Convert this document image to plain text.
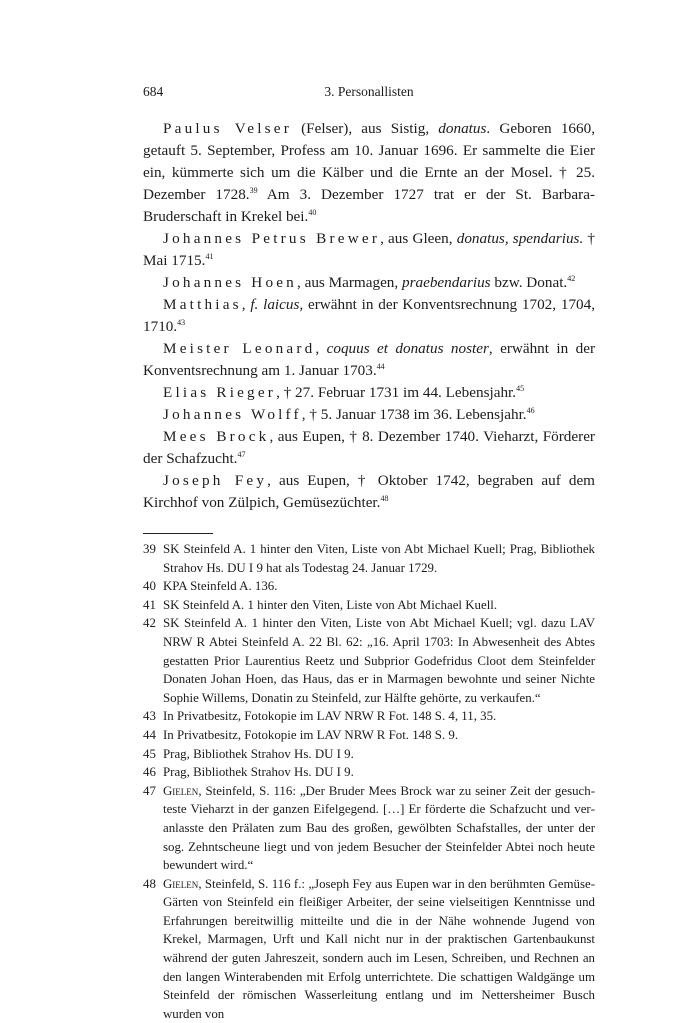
684	3. Personallisten

Paulus Velser (Felser), aus Sistig, donatus. Geboren 1660, getauft 5. September, Profess am 10. Januar 1696. Er sammelte die Eier ein, kümmerte sich um die Kälber und die Ernte an der Mosel. † 25. Dezember 1728.39 Am 3. Dezember 1727 trat er der St. Barbara-Bruderschaft in Krekel bei.$^{40}$

Johannes Petrus Brewer, aus Gleen, donatus, spendarius. † Mai 1715.41

Johannes Hoen, aus Marmagen, praebendarius bzw. Donat.$^{42}$

Matthias, f. laicus, erwähnt in der Konventsrechnung 1702, 1704, 1710.43

Meister Leonard, coquus et donatus noster, erwähnt in der Konventsrechnung am 1. Januar 1703.44

Elias Rieger, † 27. Februar 1731 im 44. Lebensjahr.$^{45}$

Johannes Wolff, † 5. Januar 1738 im 36. Lebensjahr.$^{46}$

Mees Brock, aus Eupen, † 8. Dezember 1740. Vieharzt, Förderer der Schafzucht.$^{47}$

Joseph Fey, aus Eupen, † Oktober 1742, begraben auf dem Kirchhof von Zülpich, Gemüsezüchter.$^{48}$

39 SK Steinfeld A. 1 hinter den Viten, Liste von Abt Michael Kuell; Prag, Bibliothek Strahov Hs. DU I 9 hat als Todestag 24. Januar 1729.
40 KPA Steinfeld A. 136.
41 SK Steinfeld A. 1 hinter den Viten, Liste von Abt Michael Kuell.
42 SK Steinfeld A. 1 hinter den Viten, Liste von Abt Michael Kuell; vgl. dazu LAV NRW R Abtei Steinfeld A. 22 Bl. 62: „16. April 1703: In Abwesenheit des Abtes gestatten Prior Laurentius Reetz und Subprior Godefridus Cloot dem Steinfelder Donaten Johan Hoen, das Haus, das er in Marmagen bewohnte und seiner Nichte Sophie Willems, Donatin zu Steinfeld, zur Hälfte gehörte, zu verkaufen.“
43 In Privatbesitz, Fotokopie im LAV NRW R Fot. 148 S. 4, 11, 35.
44 In Privatbesitz, Fotokopie im LAV NRW R Fot. 148 S. 9.
45 Prag, Bibliothek Strahov Hs. DU I 9.
46 Prag, Bibliothek Strahov Hs. DU I 9.
47 Gielen, Steinfeld, S. 116: „Der Bruder Mees Brock war zu seiner Zeit der gesuchteste Vieharzt in der ganzen Eifelgegend. […] Er förderte die Schafzucht und veranlasste den Prälaten zum Bau des großen, gewölbten Schafstalles, der unter der sog. Zehntscheune liegt und von jedem Besucher der Steinfelder Abtei noch heute bewundert wird.“
48 Gielen, Steinfeld, S. 116 f.: „Joseph Fey aus Eupen war in den berühmten GemüseGärten von Steinfeld ein fleißiger Arbeiter, der seine vielseitigen Kenntnisse und Erfahrungen bereitwillig mitteilte und die in der Nähe wohnende Jugend von Krekel, Marmagen, Urft und Kall nicht nur in der praktischen Gartenbaukunst während der guten Jahreszeit, sondern auch im Lesen, Schreiben, und Rechnen an den langen Winterabenden mit Erfolg unterrichtete. Die schattigen Waldgänge um Steinfeld der römischen Wasserleitung entlang und im Nettersheimer Busch wurden von
